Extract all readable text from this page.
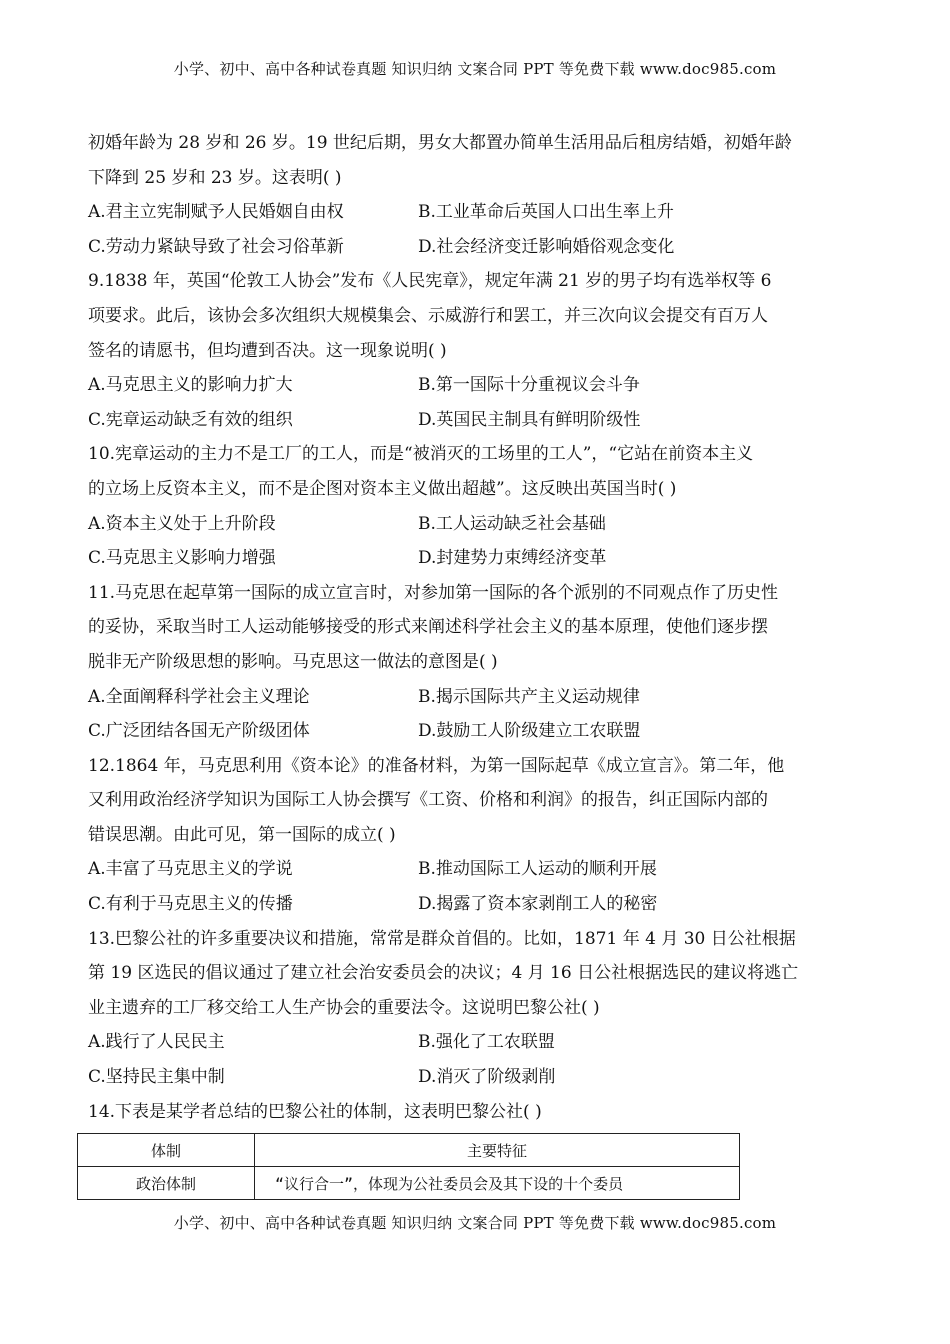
小学、初中、高中各种试卷真题 知识归纳 文案合同 PPT 等免费下载 www.doc985.com
初婚年龄为 28 岁和 26 岁。19 世纪后期，男女大都置办简单生活用品后租房结婚，初婚年龄
下降到 25 岁和 23 岁。这表明( )
A.君主立宪制赋予人民婚姻自由权	B.工业革命后英国人口出生率上升
C.劳动力紧缺导致了社会习俗革新	D.社会经济变迁影响婚俗观念变化
9.1838 年，英国“伦敦工人协会”发布《人民宪章》，规定年满 21 岁的男子均有选举权等 6
项要求。此后，该协会多次组织大规模集会、示威游行和罢工，并三次向议会提交有百万人
签名的请愿书，但均遭到否决。这一现象说明( )
A.马克思主义的影响力扩大	B.第一国际十分重视议会斗争
C.宪章运动缺乏有效的组织	D.英国民主制具有鲜明阶级性
10.宪章运动的主力不是工厂的工人，而是“被消灭的工场里的工人”，“它站在前资本主义
的立场上反资本主义，而不是企图对资本主义做出超越”。这反映出英国当时( )
A.资本主义处于上升阶段	B.工人运动缺乏社会基础
C.马克思主义影响力增强	D.封建势力束缚经济变革
11.马克思在起草第一国际的成立宣言时，对参加第一国际的各个派别的不同观点作了历史性
的妥协，采取当时工人运动能够接受的形式来阐述科学社会主义的基本原理，使他们逐步摆
脱非无产阶级思想的影响。马克思这一做法的意图是( )
A.全面阐释科学社会主义理论	B.揭示国际共产主义运动规律
C.广泛团结各国无产阶级团体	D.鼓励工人阶级建立工农联盟
12.1864 年，马克思利用《资本论》的准备材料，为第一国际起草《成立宣言》。第二年，他
又利用政治经济学知识为国际工人协会撰写《工资、价格和利润》的报告，纠正国际内部的
错误思潮。由此可见，第一国际的成立( )
A.丰富了马克思主义的学说	B.推动国际工人运动的顺利开展
C.有利于马克思主义的传播	D.揭露了资本家剥削工人的秘密
13.巴黎公社的许多重要决议和措施，常常是群众首倡的。比如，1871 年 4 月 30 日公社根据
第 19 区选民的倡议通过了建立社会治安委员会的决议；4 月 16 日公社根据选民的建议将逃亡
业主遗弃的工厂移交给工人生产协会的重要法令。这说明巴黎公社( )
A.践行了人民民主	B.强化了工农联盟
C.坚持民主集中制	D.消灭了阶级剥削
14.下表是某学者总结的巴黎公社的体制，这表明巴黎公社( )
体制	主要特征
政治体制	“议行合一”，体现为公社委员会及其下设的十个委员
小学、初中、高中各种试卷真题 知识归纳 文案合同 PPT 等免费下载 www.doc985.com
